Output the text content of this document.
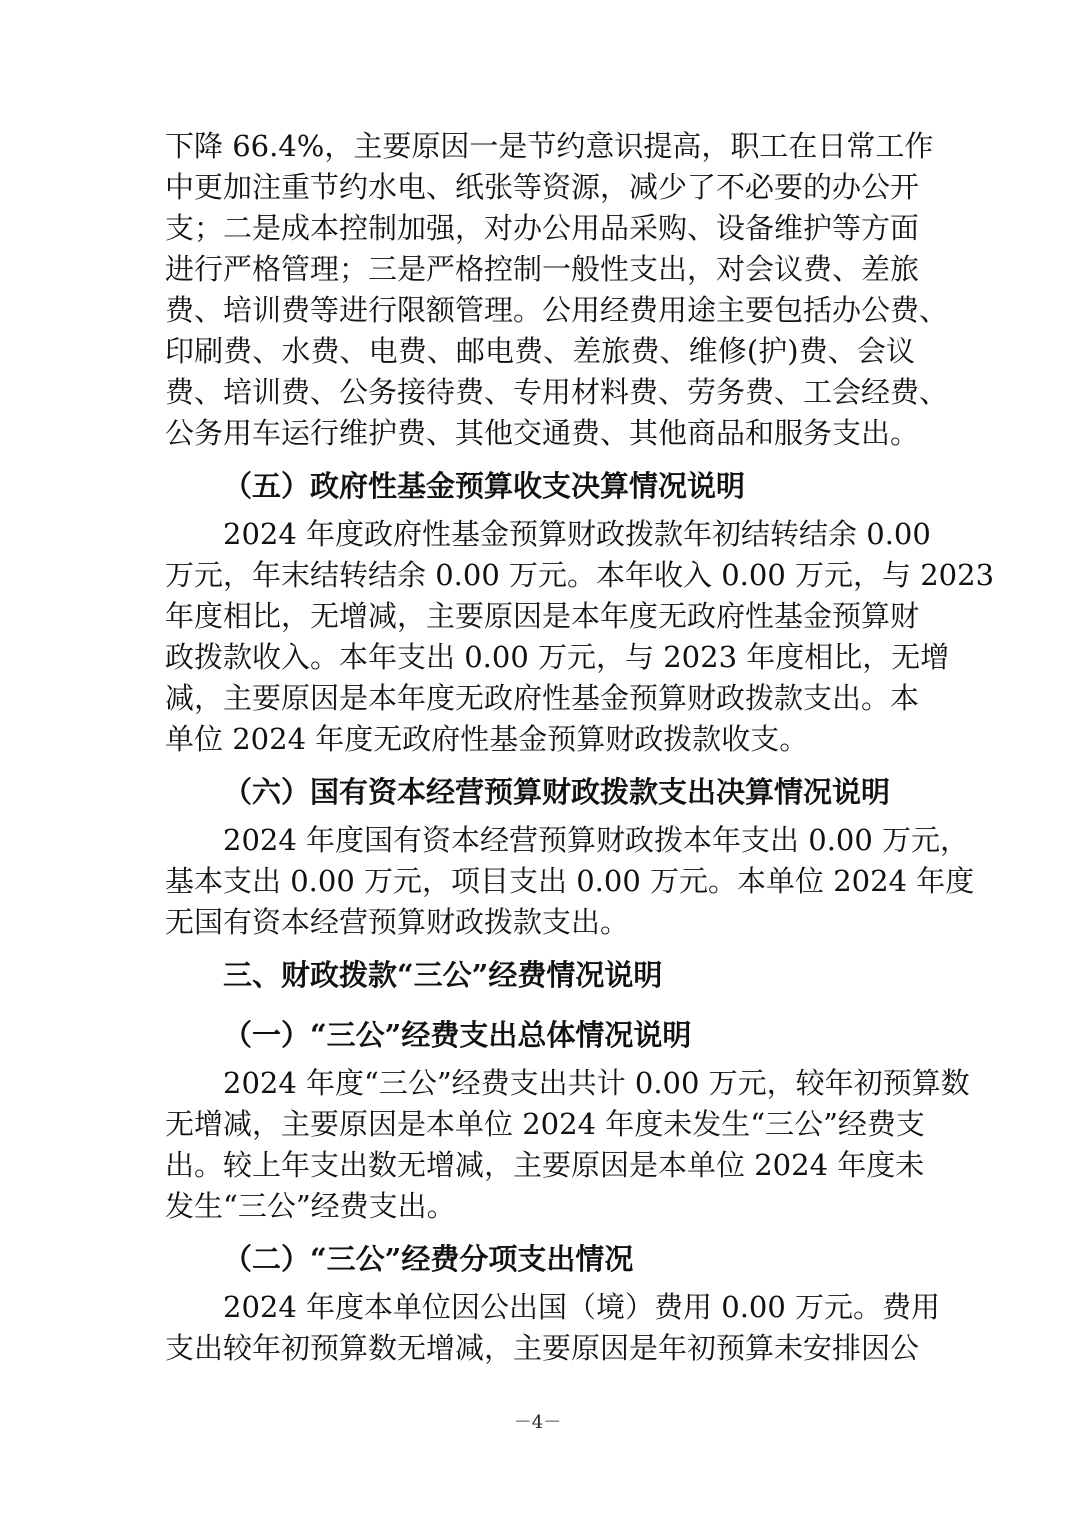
下降 66.4%，主要原因一是节约意识提高，职工在日常工作
中更加注重节约水电、纸张等资源，减少了不必要的办公开
支；二是成本控制加强，对办公用品采购、设备维护等方面
进行严格管理；三是严格控制一般性支出，对会议费、差旅
费、培训费等进行限额管理。公用经费用途主要包括办公费、
印刷费、水费、电费、邮电费、差旅费、维修(护)费、会议
费、培训费、公务接待费、专用材料费、劳务费、工会经费、
公务用车运行维护费、其他交通费、其他商品和服务支出。
（五）政府性基金预算收支决算情况说明
2024 年度政府性基金预算财政拨款年初结转结余 0.00
万元，年末结转结余 0.00 万元。本年收入 0.00 万元，与 2023
年度相比，无增减，主要原因是本年度无政府性基金预算财
政拨款收入。本年支出 0.00 万元，与 2023 年度相比，无增
减，主要原因是本年度无政府性基金预算财政拨款支出。本
单位 2024 年度无政府性基金预算财政拨款收支。
（六）国有资本经营预算财政拨款支出决算情况说明
2024 年度国有资本经营预算财政拨本年支出 0.00 万元，
基本支出 0.00 万元，项目支出 0.00 万元。本单位 2024 年度
无国有资本经营预算财政拨款支出。
三、财政拨款“三公”经费情况说明
（一）“三公”经费支出总体情况说明
2024 年度“三公”经费支出共计 0.00 万元，较年初预算数
无增减，主要原因是本单位 2024 年度未发生“三公”经费支
出。较上年支出数无增减，主要原因是本单位 2024 年度未
发生“三公”经费支出。
（二）“三公”经费分项支出情况
2024 年度本单位因公出国（境）费用 0.00 万元。费用
支出较年初预算数无增减，主要原因是年初预算未安排因公
－4－
